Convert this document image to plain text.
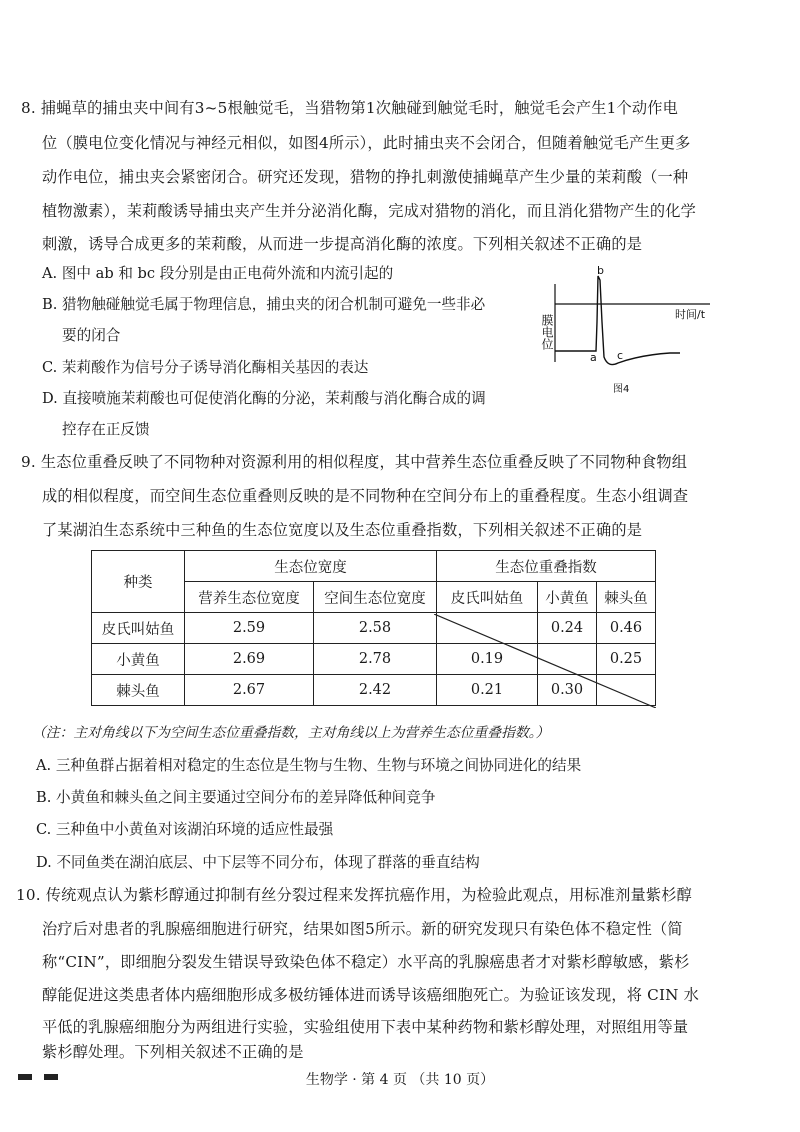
8. 捕蝇草的捕虫夹中间有3~5根触觉毛，当猎物第1次触碰到触觉毛时，触觉毛会产生1个动作电
位（膜电位变化情况与神经元相似，如图4所示），此时捕虫夹不会闭合，但随着触觉毛产生更多
动作电位，捕虫夹会紧密闭合。研究还发现，猎物的挣扎刺激使捕蝇草产生少量的茉莉酸（一种
植物激素），茉莉酸诱导捕虫夹产生并分泌消化酶，完成对猎物的消化，而且消化猎物产生的化学
刺激，诱导合成更多的茉莉酸，从而进一步提高消化酶的浓度。下列相关叙述不正确的是
A. 图中 ab 和 bc 段分别是由正电荷外流和内流引起的
B. 猎物触碰触觉毛属于物理信息，捕虫夹的闭合机制可避免一些非必
要的闭合
C. 茉莉酸作为信号分子诱导消化酶相关基因的表达
D. 直接喷施茉莉酸也可促使消化酶的分泌，茉莉酸与消化酶合成的调
控存在正反馈
膜电位	时间/t
b
a c
图4
9. 生态位重叠反映了不同物种对资源利用的相似程度，其中营养生态位重叠反映了不同物种食物组
成的相似程度，而空间生态位重叠则反映的是不同物种在空间分布上的重叠程度。生态小组调查
了某湖泊生态系统中三种鱼的生态位宽度以及生态位重叠指数，下列相关叙述不正确的是
种类	生态位宽度		生态位重叠指数		
	营养生态位宽度	空间生态位宽度	皮氏叫姑鱼	小黄鱼	棘头鱼
皮氏叫姑鱼	2.59	2.58		0.24	0.46
小黄鱼	2.69	2.78	0.19		0.25
棘头鱼	2.67	2.42	0.21	0.30	
（注：主对角线以下为空间生态位重叠指数，主对角线以上为营养生态位重叠指数。）
A. 三种鱼群占据着相对稳定的生态位是生物与生物、生物与环境之间协同进化的结果
B. 小黄鱼和棘头鱼之间主要通过空间分布的差异降低种间竞争
C. 三种鱼中小黄鱼对该湖泊环境的适应性最强
D. 不同鱼类在湖泊底层、中下层等不同分布，体现了群落的垂直结构
10. 传统观点认为紫杉醇通过抑制有丝分裂过程来发挥抗癌作用，为检验此观点，用标准剂量紫杉醇
治疗后对患者的乳腺癌细胞进行研究，结果如图5所示。新的研究发现只有染色体不稳定性（简
称“CIN”，即细胞分裂发生错误导致染色体不稳定）水平高的乳腺癌患者才对紫杉醇敏感，紫杉
醇能促进这类患者体内癌细胞形成多极纺锤体进而诱导该癌细胞死亡。为验证该发现，将 CIN 水
平低的乳腺癌细胞分为两组进行实验，实验组使用下表中某种药物和紫杉醇处理，对照组用等量
紫杉醇处理。下列相关叙述不正确的是
生物学 · 第 4 页 （共 10 页）
